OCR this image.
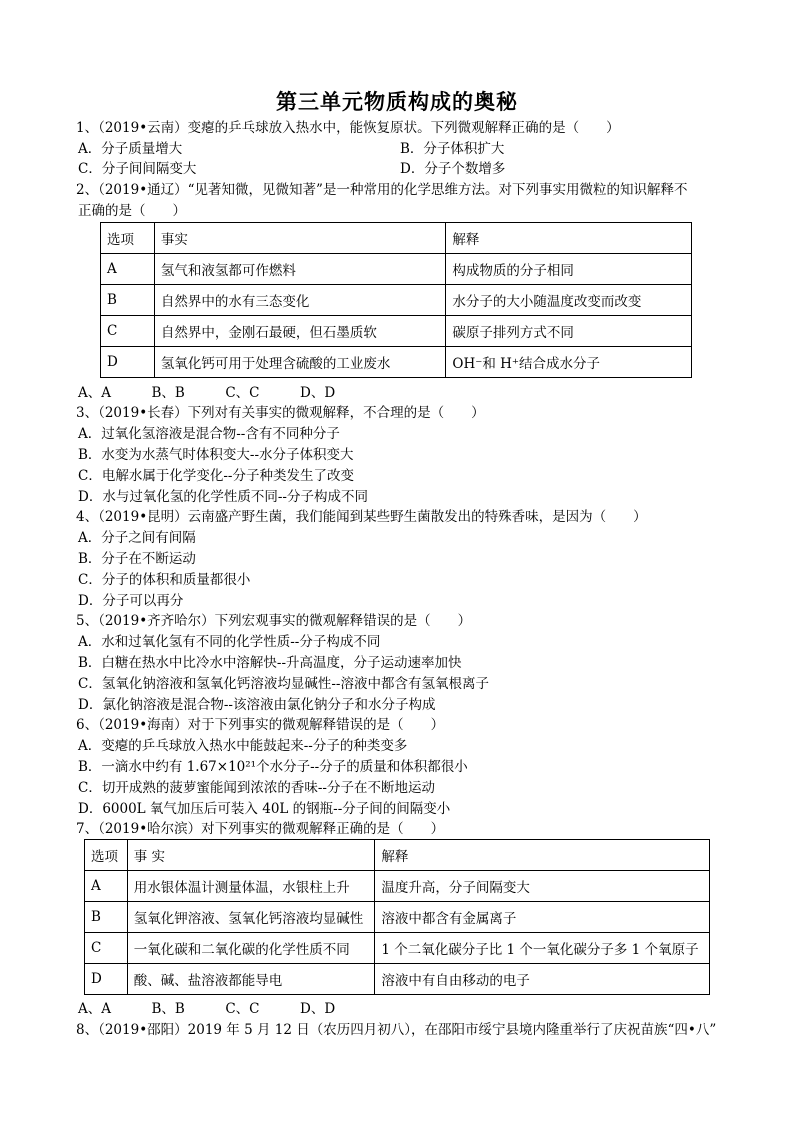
第三单元物质构成的奥秘
1、（2019•云南）变瘪的乒乓球放入热水中，能恢复原状。下列微观解释正确的是（　　）
A．分子质量增大	B．分子体积扩大
C．分子间间隔变大	D．分子个数增多
2、（2019•通辽）“见著知微，见微知著”是一种常用的化学思维方法。对下列事实用微粒的知识解释不
正确的是（　　）
选项	事实	解释
A	氢气和液氢都可作燃料	构成物质的分子相同
B	自然界中的水有三态变化	水分子的大小随温度改变而改变
C	自然界中，金刚石最硬，但石墨质软	碳原子排列方式不同
D	氢氧化钙可用于处理含硫酸的工业废水	OH⁻和 H⁺结合成水分子
A、A　　　B、B　　　C、C　　　D、D
3、（2019•长春）下列对有关事实的微观解释，不合理的是（　　）
A．过氧化氢溶液是混合物--含有不同种分子
B．水变为水蒸气时体积变大--水分子体积变大
C．电解水属于化学变化--分子种类发生了改变
D．水与过氧化氢的化学性质不同--分子构成不同
4、（2019•昆明）云南盛产野生菌，我们能闻到某些野生菌散发出的特殊香味，是因为（　　）
A．分子之间有间隔
B．分子在不断运动
C．分子的体积和质量都很小
D．分子可以再分
5、（2019•齐齐哈尔）下列宏观事实的微观解释错误的是（　　）
A．水和过氧化氢有不同的化学性质--分子构成不同
B．白糖在热水中比冷水中溶解快--升高温度，分子运动速率加快
C．氢氧化钠溶液和氢氧化钙溶液均显碱性--溶液中都含有氢氧根离子
D．氯化钠溶液是混合物--该溶液由氯化钠分子和水分子构成
6、（2019•海南）对于下列事实的微观解释错误的是（　　）
A．变瘪的乒乓球放入热水中能鼓起来--分子的种类变多
B．一滴水中约有 1.67×10²¹个水分子--分子的质量和体积都很小
C．切开成熟的菠萝蜜能闻到浓浓的香味--分子在不断地运动
D．6000L 氧气加压后可装入 40L 的钢瓶--分子间的间隔变小
7、（2019•哈尔滨）对下列事实的微观解释正确的是（　　）
选项	事 实	解释
A	用水银体温计测量体温，水银柱上升	温度升高，分子间隔变大
B	氢氧化钾溶液、氢氧化钙溶液均显碱性	溶液中都含有金属离子
C	一氧化碳和二氧化碳的化学性质不同	1 个二氧化碳分子比 1 个一氧化碳分子多 1 个氧原子
D	酸、碱、盐溶液都能导电	溶液中有自由移动的电子
A、A　　　B、B　　　C、C　　　D、D
8、（2019•邵阳）2019 年 5 月 12 日（农历四月初八），在邵阳市绥宁县境内隆重举行了庆祝苗族“四•八”
